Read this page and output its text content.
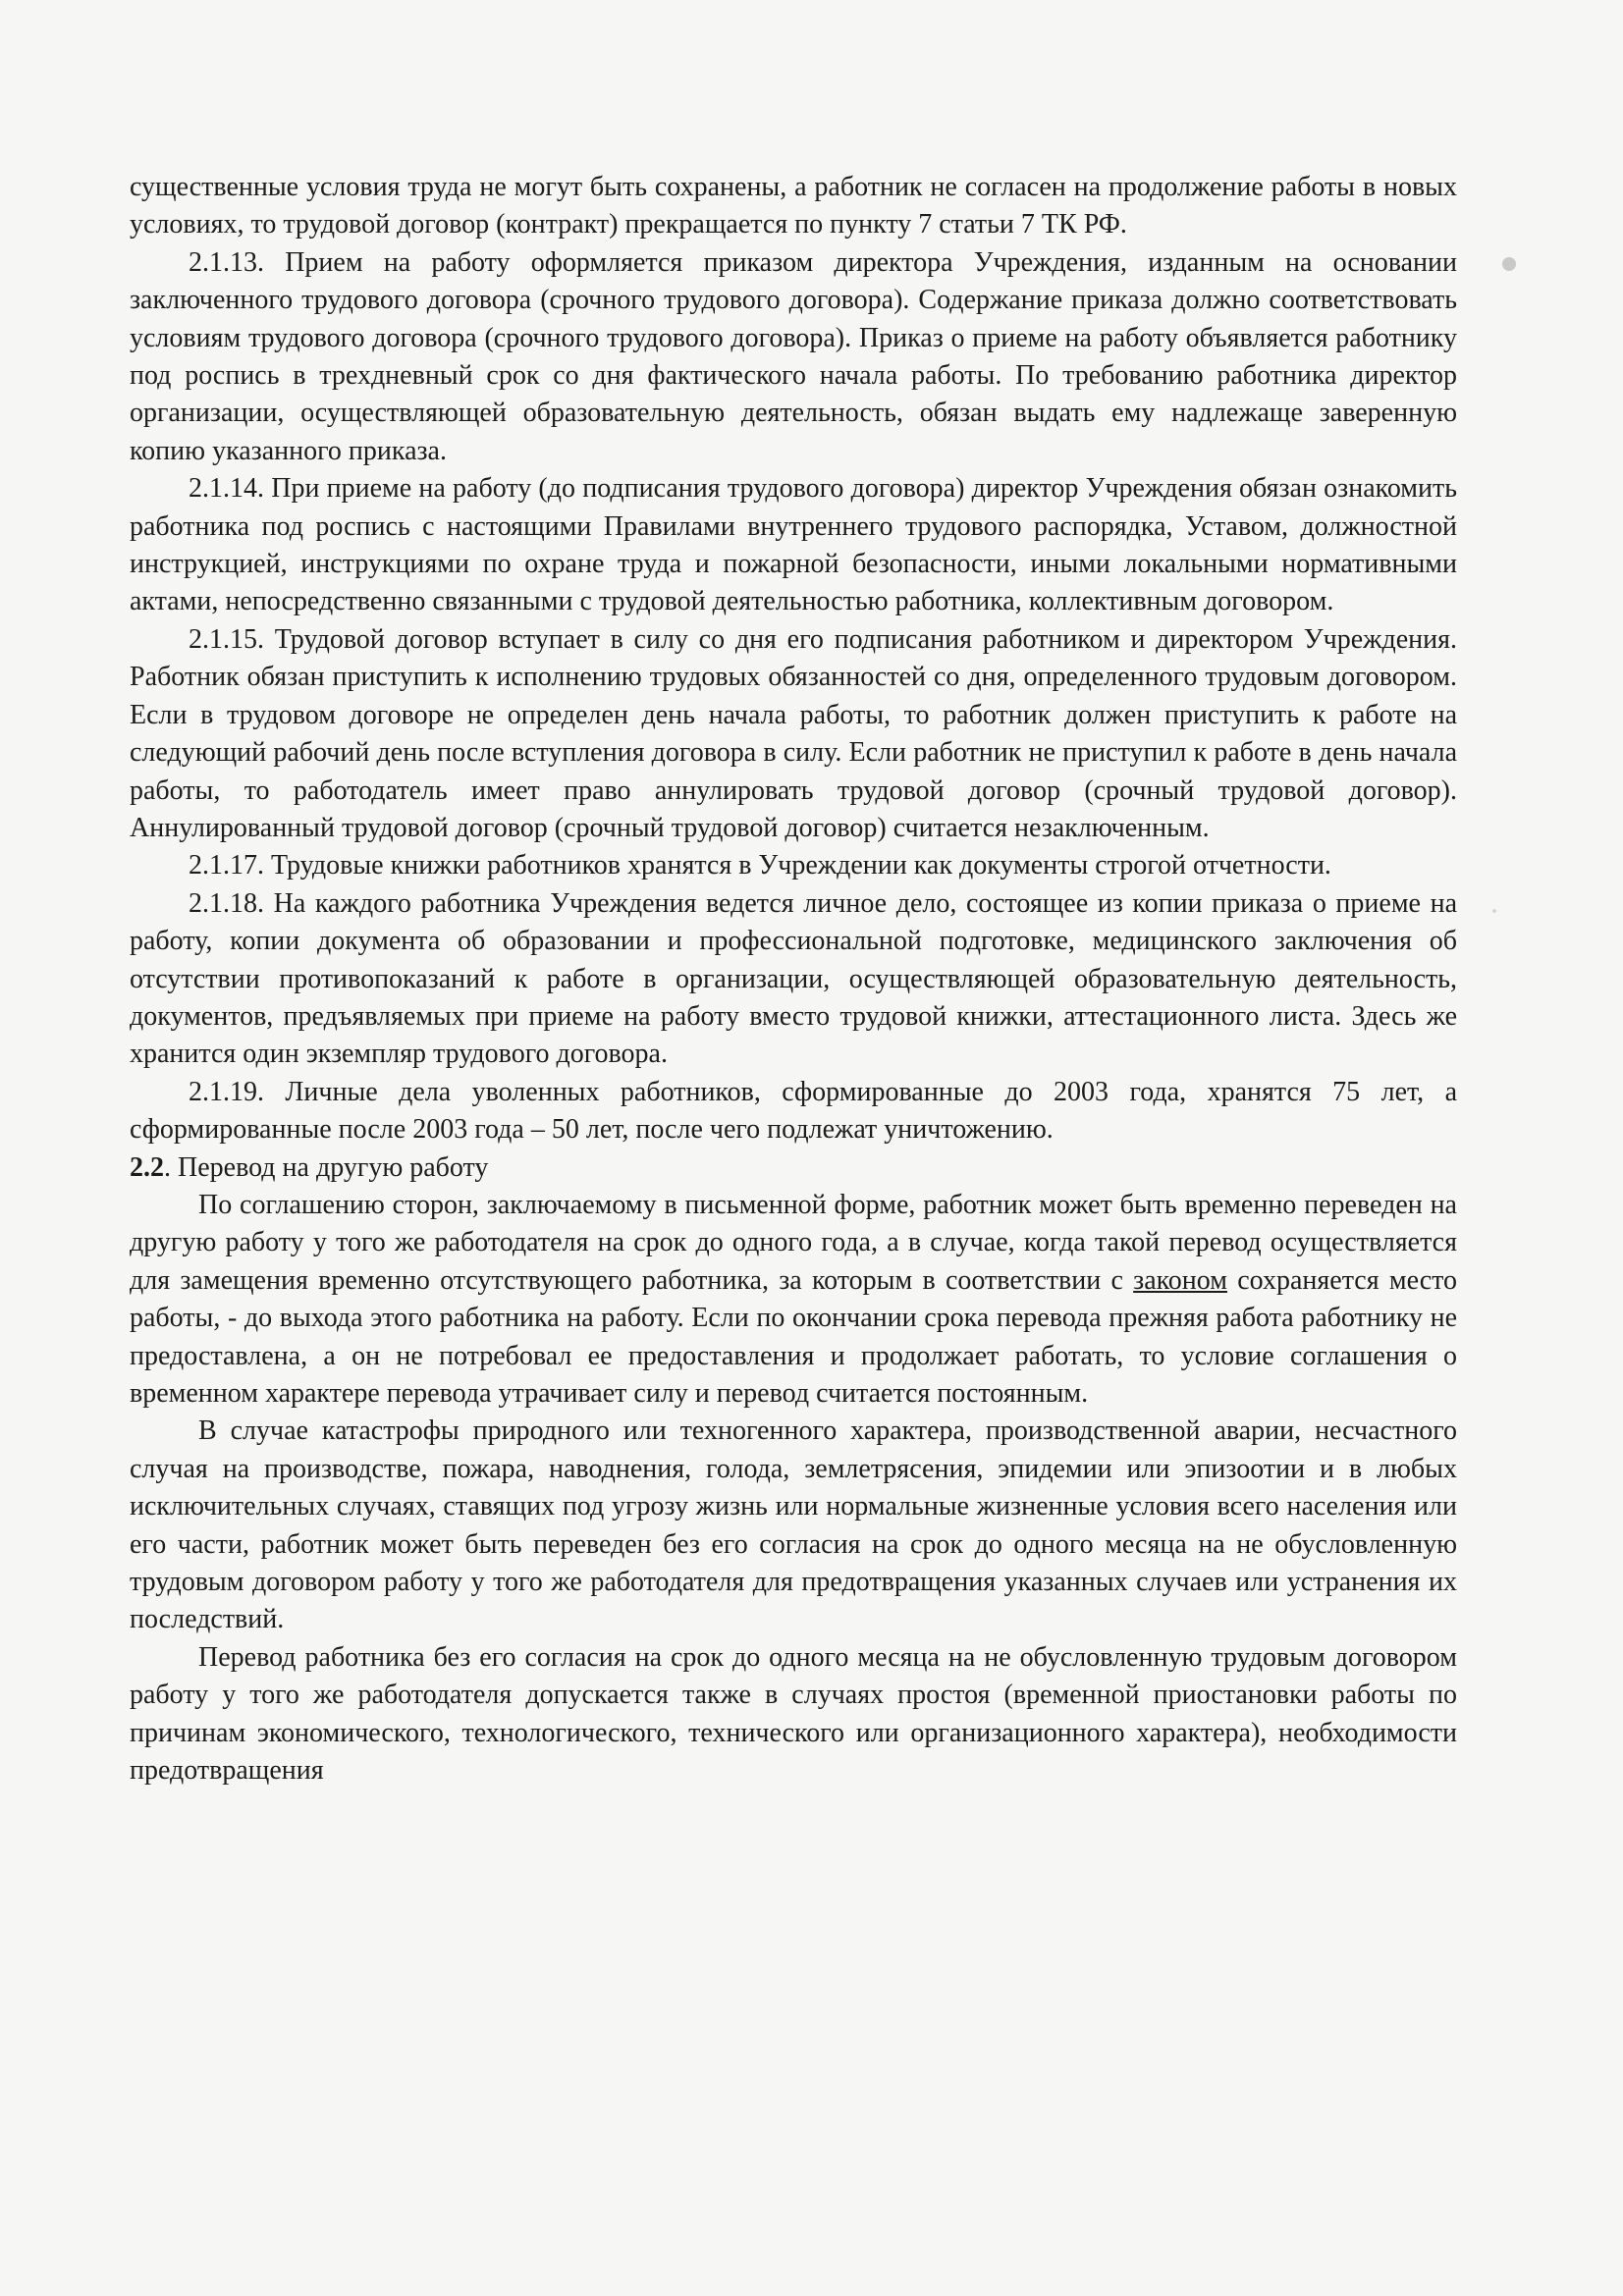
существенные условия труда не могут быть сохранены, а работник не согласен на продолжение работы в новых условиях, то трудовой договор (контракт) прекращается по пункту 7 статьи 7 ТК РФ.

2.1.13. Прием на работу оформляется приказом директора Учреждения, изданным на основании заключенного трудового договора (срочного трудового договора). Содержание приказа должно соответствовать условиям трудового договора (срочного трудового договора). Приказ о приеме на работу объявляется работнику под роспись в трехдневный срок со дня фактического начала работы. По требованию работника директор организации, осуществляющей образовательную деятельность, обязан выдать ему надлежаще заверенную копию указанного приказа.

2.1.14. При приеме на работу (до подписания трудового договора) директор Учреждения обязан ознакомить работника под роспись с настоящими Правилами внутреннего трудового распорядка, Уставом, должностной инструкцией, инструкциями по охране труда и пожарной безопасности, иными локальными нормативными актами, непосредственно связанными с трудовой деятельностью работника, коллективным договором.

2.1.15. Трудовой договор вступает в силу со дня его подписания работником и директором Учреждения. Работник обязан приступить к исполнению трудовых обязанностей со дня, определенного трудовым договором. Если в трудовом договоре не определен день начала работы, то работник должен приступить к работе на следующий рабочий день после вступления договора в силу. Если работник не приступил к работе в день начала работы, то работодатель имеет право аннулировать трудовой договор (срочный трудовой договор). Аннулированный трудовой договор (срочный трудовой договор) считается незаключенным.

2.1.17. Трудовые книжки работников хранятся в Учреждении как документы строгой отчетности.

2.1.18. На каждого работника Учреждения ведется личное дело, состоящее из копии приказа о приеме на работу, копии документа об образовании и профессиональной подготовке, медицинского заключения об отсутствии противопоказаний к работе в организации, осуществляющей образовательную деятельность, документов, предъявляемых при приеме на работу вместо трудовой книжки, аттестационного листа. Здесь же хранится один экземпляр трудового договора.

2.1.19. Личные дела уволенных работников, сформированные до 2003 года, хранятся 75 лет, а сформированные после 2003 года – 50 лет, после чего подлежат уничтожению.

2.2. Перевод на другую работу

По соглашению сторон, заключаемому в письменной форме, работник может быть временно переведен на другую работу у того же работодателя на срок до одного года, а в случае, когда такой перевод осуществляется для замещения временно отсутствующего работника, за которым в соответствии с законом сохраняется место работы, - до выхода этого работника на работу. Если по окончании срока перевода прежняя работа работнику не предоставлена, а он не потребовал ее предоставления и продолжает работать, то условие соглашения о временном характере перевода утрачивает силу и перевод считается постоянным.

В случае катастрофы природного или техногенного характера, производственной аварии, несчастного случая на производстве, пожара, наводнения, голода, землетрясения, эпидемии или эпизоотии и в любых исключительных случаях, ставящих под угрозу жизнь или нормальные жизненные условия всего населения или его части, работник может быть переведен без его согласия на срок до одного месяца на не обусловленную трудовым договором работу у того же работодателя для предотвращения указанных случаев или устранения их последствий.

Перевод работника без его согласия на срок до одного месяца на не обусловленную трудовым договором работу у того же работодателя допускается также в случаях простоя (временной приостановки работы по причинам экономического, технологического, технического или организационного характера), необходимости предотвращения
